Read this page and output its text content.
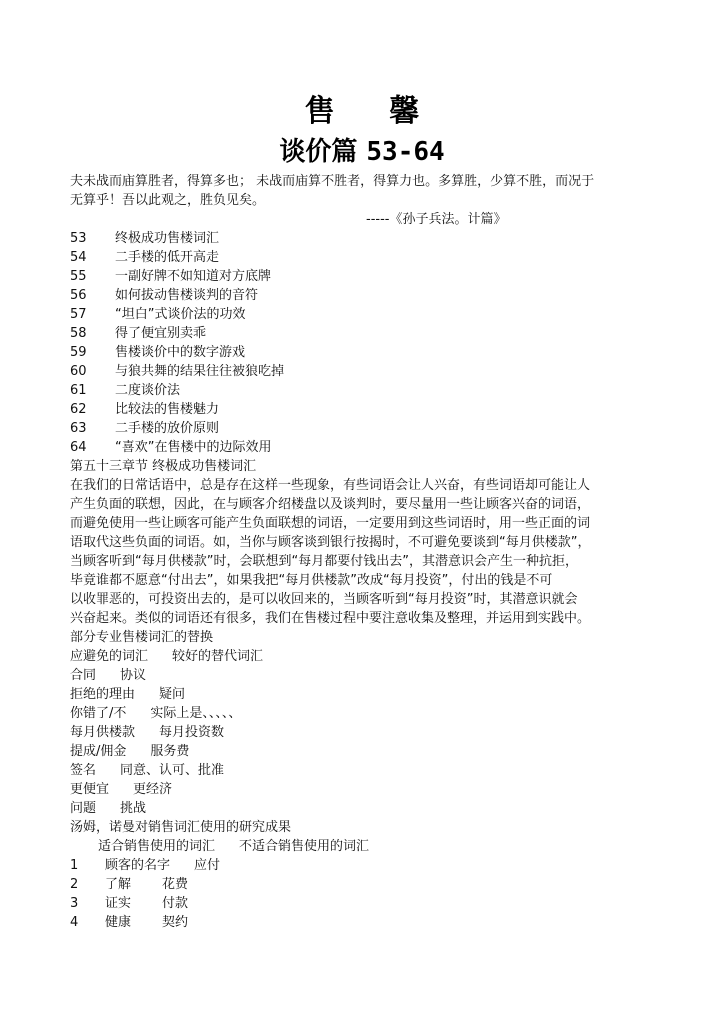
售 馨
谈价篇 53-64
夫未战而庙算胜者，得算多也； 未战而庙算不胜者，得算力也。多算胜，少算不胜，而况于
无算乎！吾以此观之，胜负见矣。
-----《孙子兵法。计篇》
53 终极成功售楼词汇
54 二手楼的低开高走
55 一副好牌不如知道对方底牌
56 如何拔动售楼谈判的音符
57 “坦白”式谈价法的功效
58 得了便宜别卖乖
59 售楼谈价中的数字游戏
60 与狼共舞的结果往往被狼吃掉
61 二度谈价法
62 比较法的售楼魅力
63 二手楼的放价原则
64 “喜欢”在售楼中的边际效用
第五十三章节 终极成功售楼词汇
在我们的日常话语中，总是存在这样一些现象，有些词语会让人兴奋，有些词语却可能让人
产生负面的联想，因此，在与顾客介绍楼盘以及谈判时，要尽量用一些让顾客兴奋的词语，
而避免使用一些让顾客可能产生负面联想的词语，一定要用到这些词语时，用一些正面的词
语取代这些负面的词语。如，当你与顾客谈到银行按揭时，不可避免要谈到“每月供楼款”，
当顾客听到“每月供楼款”时，会联想到“每月都要付钱出去”，其潜意识会产生一种抗拒，
毕竟谁都不愿意“付出去”，如果我把“每月供楼款”改成“每月投资”，付出的钱是不可
以收罪恶的，可投资出去的，是可以收回来的，当顾客听到“每月投资”时，其潜意识就会
兴奋起来。类似的词语还有很多，我们在售楼过程中要注意收集及整理，并运用到实践中。
部分专业售楼词汇的替换
应避免的词汇 较好的替代词汇
合同 协议
拒绝的理由 疑问
你错了/不 实际上是、、、、、
每月供楼款 每月投资数
提成/佣金 服务费
签名 同意、认可、批准
更便宜 更经济
问题 挑战
汤姆，诺曼对销售词汇使用的研究成果
适合销售使用的词汇 不适合销售使用的词汇
1 顾客的名字 应付
2 了解 花费
3 证实 付款
4 健康 契约
